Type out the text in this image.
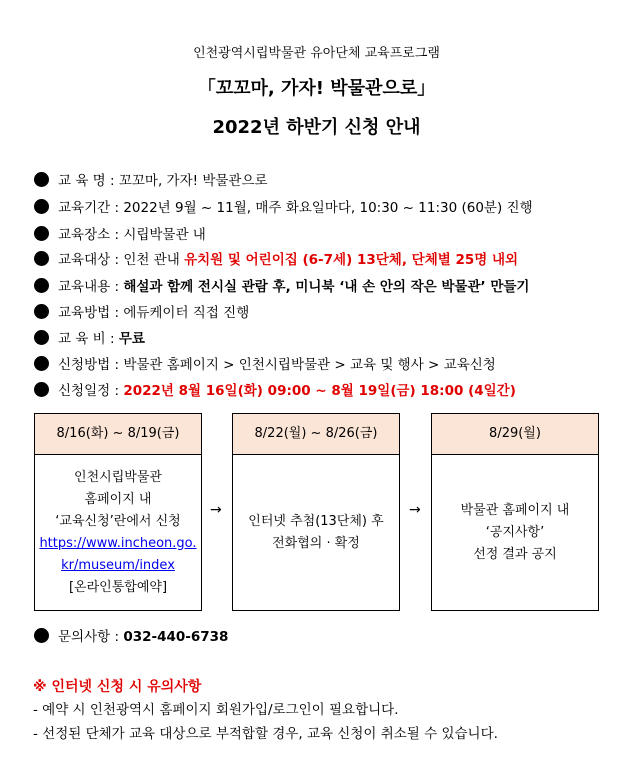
인천광역시립박물관 유아단체 교육프로그램
「꼬꼬마, 가자! 박물관으로」
2022년 하반기 신청 안내
교 육 명 : 꼬꼬마, 가자! 박물관으로
교육기간 : 2022년 9월 ~ 11월, 매주 화요일마다, 10:30 ~ 11:30 (60분) 진행
교육장소 : 시립박물관 내
교육대상 : 인천 관내 유치원 및 어린이집 (6-7세) 13단체, 단체별 25명 내외
교육내용 : 해설과 함께 전시실 관람 후, 미니북 ‘내 손 안의 작은 박물관’ 만들기
교육방법 : 에듀케이터 직접 진행
교 육 비 : 무료
신청방법 : 박물관 홈페이지 > 인천시립박물관 > 교육 및 행사 > 교육신청
신청일정 : 2022년 8월 16일(화) 09:00 ~ 8월 19일(금) 18:00 (4일간)
8/16(화) ~ 8/19(금)
인천시립박물관
홈페이지 내
‘교육신청’란에서 신청
https://www.incheon.go.
kr/museum/index
[온라인통합예약]
→
8/22(월) ~ 8/26(금)
인터넷 추첨(13단체) 후
전화협의 · 확정
→
8/29(월)
박물관 홈페이지 내
‘공지사항’
선정 결과 공지
문의사항 : 032-440-6738
※ 인터넷 신청 시 유의사항
- 예약 시 인천광역시 홈페이지 회원가입/로그인이 필요합니다.
- 선정된 단체가 교육 대상으로 부적합할 경우, 교육 신청이 취소될 수 있습니다.
